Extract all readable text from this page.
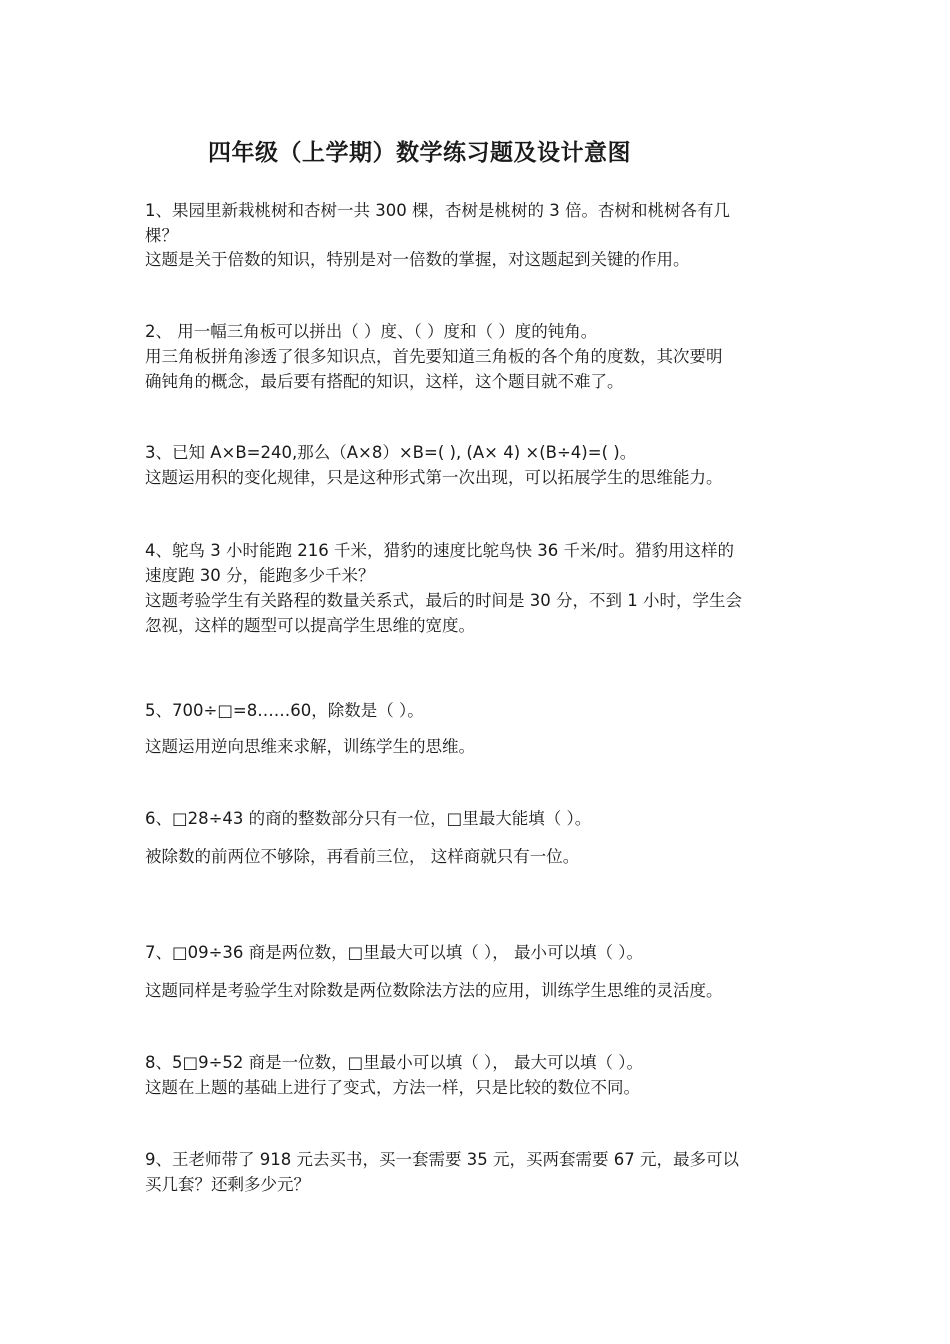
四年级（上学期）数学练习题及设计意图

1、果园里新栽桃树和杏树一共 300 棵，杏树是桃树的 3 倍。杏树和桃树各有几

棵？

这题是关于倍数的知识，特别是对一倍数的掌握，对这题起到关键的作用。

2、 用一幅三角板可以拼出（ ）度、（ ）度和（ ）度的钝角。

用三角板拼角渗透了很多知识点，首先要知道三角板的各个角的度数，其次要明

确钝角的概念，最后要有搭配的知识，这样，这个题目就不难了。

3、已知 A×B=240,那么（A×8）×B=( ), (A× 4) ×(B÷4)=( )。

这题运用积的变化规律，只是这种形式第一次出现，可以拓展学生的思维能力。

4、鸵鸟 3 小时能跑 216 千米，猎豹的速度比鸵鸟快 36 千米/时。猎豹用这样的

速度跑 30 分，能跑多少千米？

这题考验学生有关路程的数量关系式，最后的时间是 30 分，不到 1 小时，学生会

忽视，这样的题型可以提高学生思维的宽度。

5、700÷□=8……60，除数是（ ）。

这题运用逆向思维来求解，训练学生的思维。

6、□28÷43 的商的整数部分只有一位，□里最大能填（ ）。

被除数的前两位不够除，再看前三位， 这样商就只有一位。

7、□09÷36 商是两位数，□里最大可以填（ ）， 最小可以填（ ）。

这题同样是考验学生对除数是两位数除法方法的应用，训练学生思维的灵活度。

8、5□9÷52 商是一位数，□里最小可以填（ ）， 最大可以填（ ）。

这题在上题的基础上进行了变式，方法一样，只是比较的数位不同。

9、王老师带了 918 元去买书，买一套需要 35 元，买两套需要 67 元，最多可以

买几套？还剩多少元？
